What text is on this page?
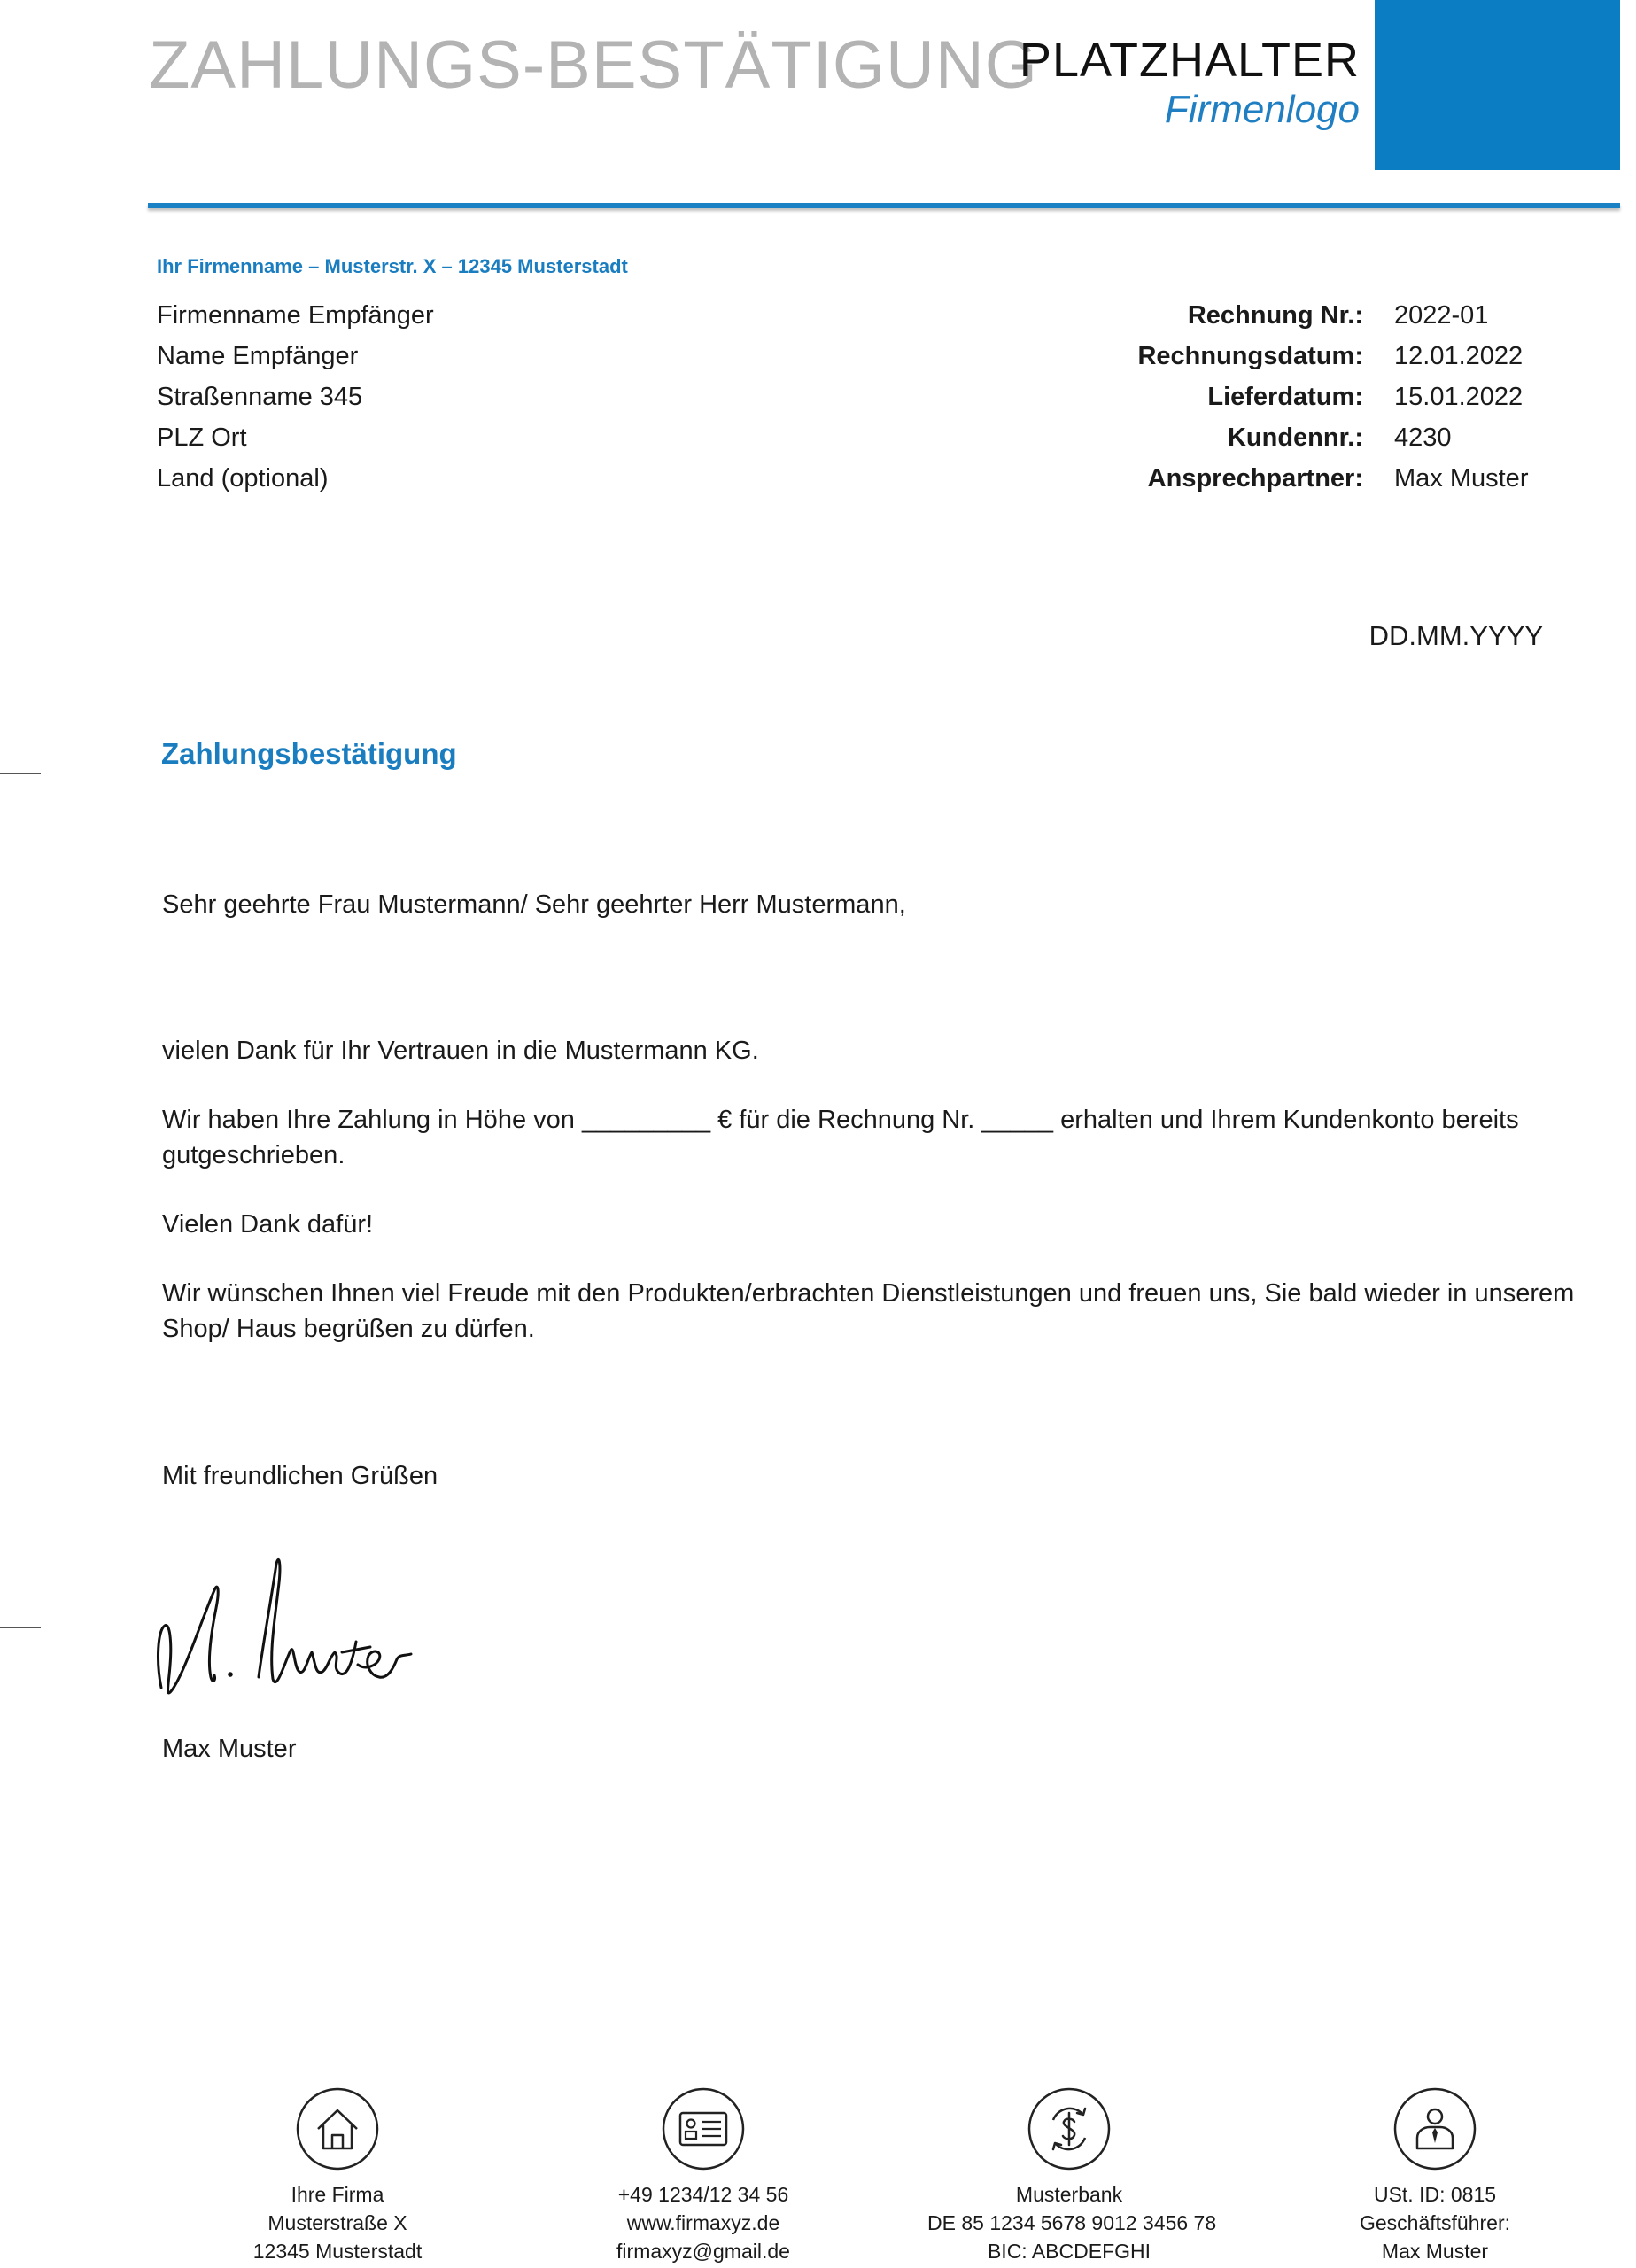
ZAHLUNGS-BESTÄTIGUNG
PLATZHALTER
Firmenlogo
Ihr Firmenname – Musterstr. X – 12345 Musterstadt
Firmenname Empfänger
Name Empfänger
Straßenname 345
PLZ Ort
Land (optional)
Rechnung Nr.: 2022-01
Rechnungsdatum: 12.01.2022
Lieferdatum: 15.01.2022
Kundennr.: 4230
Ansprechpartner: Max Muster
DD.MM.YYYY
Zahlungsbestätigung
Sehr geehrte Frau Mustermann/ Sehr geehrter Herr Mustermann,
vielen Dank für Ihr Vertrauen in die Mustermann KG.
Wir haben Ihre Zahlung in Höhe von _________ € für die Rechnung Nr. _____ erhalten und Ihrem Kundenkonto bereits gutgeschrieben.
Vielen Dank dafür!
Wir wünschen Ihnen viel Freude mit den Produkten/erbrachten Dienstleistungen und freuen uns, Sie bald wieder in unserem Shop/ Haus begrüßen zu dürfen.
Mit freundlichen Grüßen
Max Muster
Ihre Firma
Musterstraße X
12345 Musterstadt
+49 1234/12 34 56
www.firmaxyz.de
firmaxyz@gmail.de
Musterbank
DE 85 1234 5678 9012 3456 78
BIC: ABCDEFGHI
USt. ID: 0815
Geschäftsführer:
Max Muster
